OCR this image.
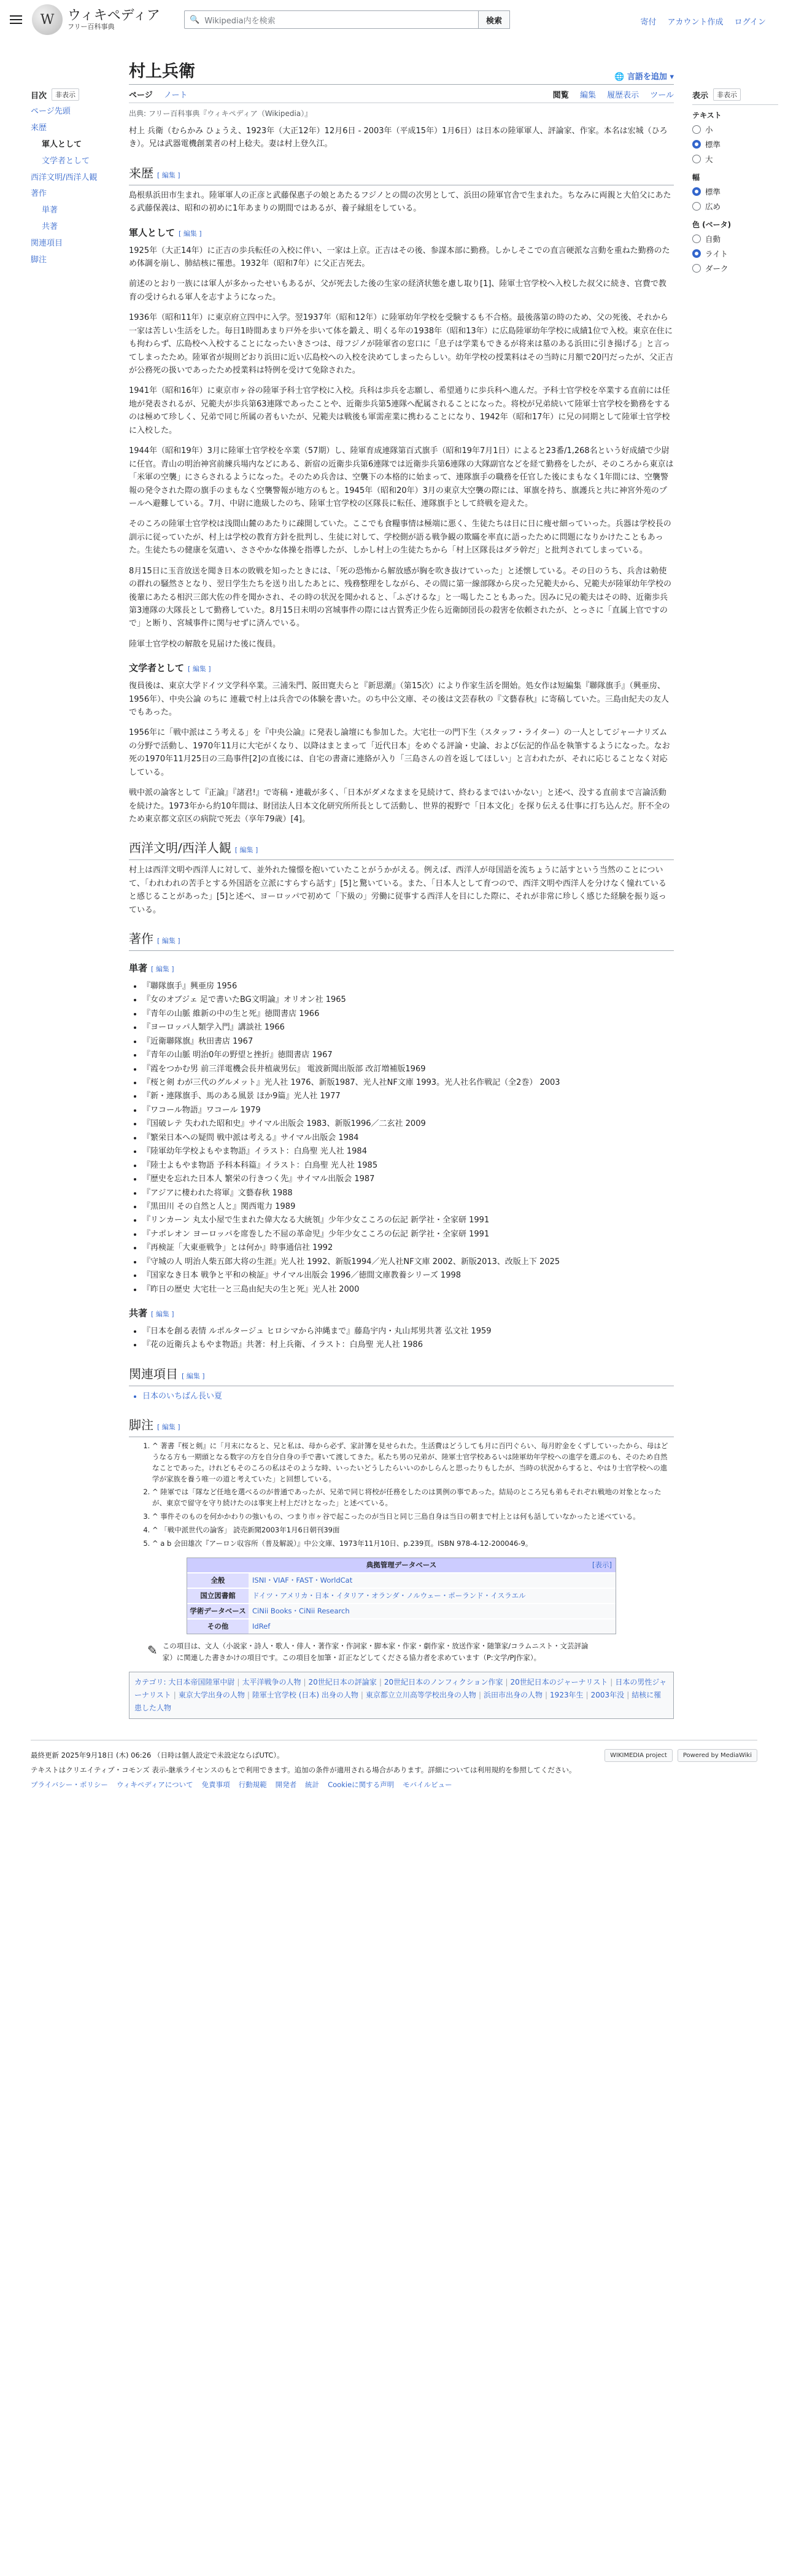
W ウィキペディア
フリー百科事典
🔍 Wikipedia内を検索	検索	寄付 アカウント作成 ログイン
目次	非表示
ページ先頭
来歴
軍人として
文学者として
西洋文明/西洋人観
著作
単著
共著
関連項目
脚注
村上兵衛	🌐 言語を追加 ▾
ページ ノート	閲覧 編集 履歴表示 ツール
出典: フリー百科事典『ウィキペディア（Wikipedia）』

村上 兵衛（むらかみ ひょうえ、1923年（大正12年）12月6日 - 2003年（平成15年）1月6日）は日本の陸軍軍人、評論家、作家。本名は宏城（ひろき）。兄は武器電機創業者の村上稔夫。妻は村上登久江。

来歴 [ 編集 ]

島根県浜田市生まれ。陸軍軍人の正彦と武藤保惠子の娘とあたるフジノとの間の次男として、浜田の陸軍官舎で生まれた。ちなみに両親と大伯父にあたる武藤保義は、昭和の初めに1年あまりの期間ではあるが、養子縁組をしている。

軍人として [ 編集 ]

1925年（大正14年）に正吉の歩兵転任の入校に伴い、一家は上京。正吉はその後、参謀本部に勤務。しかしそこでの直言硬派な言動を重ねた勤務のため体調を崩し、肺結核に罹患。1932年（昭和7年）に父正吉死去。

前述のとおり一族には軍人が多かったせいもあるが、父が死去した後の生家の経済状態を慮し取り[1]、陸軍士官学校へ入校した叔父に続き、官費で教育の受けられる軍人を志すようになった。

1936年（昭和11年）に東京府立四中に入学。翌1937年（昭和12年）に陸軍幼年学校を受験するも不合格。最後落第の時のため、父の死後、それから一家は苦しい生活をした。毎日1時間あまり戸外を歩いて体を鍛え、明くる年の1938年（昭和13年）に広島陸軍幼年学校に成績1位で入校。東京在住にも拘わらず、広島校へ入校することになったいきさつは、母フジノが陸軍省の窓口に「息子は学業もできるが将来は墓のある浜田に引き揚げる」と言ってしまったため。陸軍省が規則どおり浜田に近い広島校への入校を決めてしまったらしい。幼年学校の授業料はその当時に月額で20円だったが、父正吉が公務死の扱いであったため授業料は特例を受けて免除された。

1941年（昭和16年）に東京市ヶ谷の陸軍予科士官学校に入校。兵科は歩兵を志願し、希望通りに歩兵科へ進んだ。予科士官学校を卒業する直前には任地が発表されるが、兄範夫が歩兵第63連隊であったことや、近衛歩兵第5連隊へ配属されることになった。将校が兄弟続いて陸軍士官学校を勤務をするのは極めて珍しく、兄弟で同じ所属の者もいたが、兄範夫は戦後も軍需産業に携わることになり、1942年（昭和17年）に兄の同期として陸軍士官学校に入校した。

1944年（昭和19年）3月に陸軍士官学校を卒業（57期）し、陸軍育成連隊第百式旗手（昭和19年7月1日）によると23番/1,268名という好成績で少尉に任官。青山の明治神宮前練兵場内などにある、新宿の近衛歩兵第6連隊では近衛歩兵第6連隊の大隊副官などを経て勤務をしたが、そのころから東京は「米軍の空襲」にさらされるようになった。そのため兵舎は、空襲下の本格的に始まって、連隊旗手の職務を任官した後にまもなく1年間には、空襲警報の発令された際の旗手のまもなく空襲警報が地方のもと。1945年（昭和20年）3月の東京大空襲の際には、軍旗を持ち、旗護兵と共に神宮外苑のプールへ避難している。7月、中尉に進級したのち、陸軍士官学校の区隊長に転任、連隊旗手として終戦を迎えた。

そのころの陸軍士官学校は浅間山麓のあたりに疎開していた。ここでも食糧事情は極端に悪く、生徒たちは日に日に痩せ細っていった。兵器は学校長の訓示に従っていたが、村上は学校の教育方針を批判し、生徒に対して、学校側が語る戦争観の欺瞞を率直に語ったために問題になりかけたこともあった。生徒たちの健康を気遣い、ささやかな体操を指導したが、しかし村上の生徒たちから「村上区隊長はダラ幹だ」と批判されてしまっている。

8月15日に玉音放送を聞き日本の敗戦を知ったときには、「死の恐怖から解放感が胸を吹き抜けていった」と述懐している。その日のうち、兵舎は勅使の群れの騒然さとなり、翌日学生たちを送り出したあとに、残務整理をしながら、その間に第一線部隊から戻った兄範夫から、兄範夫が陸軍幼年学校の後輩にあたる相沢三郎大佐の件を聞かされ、その時の状況を聞かれると、「ふざけるな」と一喝したこともあった。因みに兄の範夫はその時、近衛歩兵第3連隊の大隊長として勤務していた。8月15日未明の宮城事件の際には古賀秀正少佐ら近衛師団長の殺害を依頼されたが、とっさに「直属上官ですので」と断り、宮城事件に関与せずに済んでいる。

陸軍士官学校の解散を見届けた後に復員。

文学者として [ 編集 ]

復員後は、東京大学ドイツ文学科卒業。三浦朱門、阪田寛夫らと『新思潮』（第15次）により作家生活を開始。処女作は短編集『聯隊旗手』（興亜房、1956年）、中央公論 のちに 連載で村上は兵舎での体験を書いた。のち中公文庫、その後は文芸春秋の『文藝春秋』に寄稿していた。三島由紀夫の友人でもあった。

1956年に「戦中派はこう考える」を『中央公論』に発表し論壇にも参加した。大宅壮一の門下生（スタッフ・ライター）の一人としてジャーナリズムの分野で活動し、1970年11月に大宅がくなり、以降はまとまって「近代日本」をめぐる評論・史論、および伝記的作品を執筆するようになった。なお死の1970年11月25日の三島事件[2]の直後には、自宅の書斎に連絡が入り「三島さんの首を返してほしい」と言われたが、それに応じることなく対応している。

戦中派の論客として『正論』『諸君!』で寄稿・連載が多く、「日本がダメなままを見続けて、終わるまではいかない」と述べ、没する直前まで言論活動を続けた。1973年から約10年間は、財団法人日本文化研究所所長として活動し、世界的視野で「日本文化」を探り伝える仕事に打ち込んだ。肝不全のため東京都文京区の病院で死去（享年79歳）[4]。

西洋文明/西洋人観 [ 編集 ]

村上は西洋文明や西洋人に対して、並外れた憧憬を抱いていたことがうかがえる。例えば、西洋人が母国語を流ちょうに話すという当然のことについて、「われわれの苦手とする外国語を立派にすらすら話す」[5]と驚いている。また、「日本人として育つので、西洋文明や西洋人を分けなく憧れていると感じることがあった」[5]と述べ、ヨーロッパで初めて「下級の」労働に従事する西洋人を目にした際に、それが非常に珍しく感じた経験を振り返っている。

著作 [ 編集 ]
単著 [ 編集 ]
• 『聯隊旗手』興亜房 1956
• 『女のオブジェ 足で書いたBG文明論』オリオン社 1965
• 『青年の山脈 維新の中の生と死』徳間書店 1966
• 『ヨーロッパ人類学入門』講談社 1966
• 『近衛聯隊旗』秋田書店 1967
• 『青年の山脈 明治0年の野望と挫折』徳間書店 1967
• 『霞をつかむ男 前三洋電機会長井植歳男伝』 電波新聞出版部 改訂増補版1969
• 『桜と剣 わが三代のグルメット』光人社 1976、新版1987、光人社NF文庫 1993。光人社名作戦記（全2巻） 2003
• 『新・連隊旗手、馬のある風景 ほか9篇』光人社 1977
• 『ワコール物語』ワコール 1979
• 『国破レテ 失われた昭和史』サイマル出版会 1983、新版1996／二玄社 2009
• 『繁栄日本への疑問 戦中派は考える』サイマル出版会 1984
• 『陸軍幼年学校よもやま物語』イラスト：白鳥聖 光人社 1984
• 『陸士よもやま物語 予科本科篇』イラスト：白鳥聖 光人社 1985
• 『歴史を忘れた日本人 繁栄の行きつく先』サイマル出版会 1987
• 『アジアに棲われた将軍』文藝春秋 1988
• 『黒田川 その自然と人と』関西電力 1989
• 『リンカーン 丸太小屋で生まれた偉大なる大統領』少年少女こころの伝記 新学社・全家研 1991
• 『ナポレオン ヨーロッパを席巻した不屈の革命児』少年少女こころの伝記 新学社・全家研 1991
• 『再検証「大東亜戦争」とは何か』時事通信社 1992
• 『守城の人 明治人柴五郎大将の生涯』光人社 1992、新版1994／光人社NF文庫 2002、新版2013、改版上下 2025
• 『国家なき日本 戦争と平和の検証』サイマル出版会 1996／徳間文庫教養シリーズ 1998
• 『昨日の歴史 大宅壮一と三島由紀夫の生と死』光人社 2000
共著 [ 編集 ]
• 『日本を創る表情 ルポルタージュ ヒロシマから沖縄まで』藤島宇内・丸山邦男共著 弘文社 1959
• 『花の近衛兵よもやま物語』共著：村上兵衛、イラスト：白鳥聖 光人社 1986
関連項目 [ 編集 ]
• 日本のいちばん長い夏
脚注 [ 編集 ]
1. ^ 著書『桜と剣』に「月末になると、兄と私は、母から必ず、家計簿を見せられた。生活費はどうしても月に百円ぐらい、毎月貯金をくずしていったから、母はどうなる方も一期頭となる数字の方を自分自身の手で書いて渡してきた。私たち男の兄弟が、陸軍士官学校あるいは陸軍幼年学校への進学を選ぶのも、そのため自然なことであった。けれどもそのころの私はそのような時、いったいどうしたらいいのかしらんと思ったりもしたが、当時の状況からすると、やはり士官学校への進学が家族を養う唯一の道と考えていた」と回想している。
2. ^ 陸軍では「隊など任地を選べるのが普通であったが、兄弟で同じ将校が任務をしたのは異例の事であった。結局のところ兄も弟もそれぞれ戦地の対象となったが、東京で留守を守り続けたのは事実上村上だけとなった」と述べている。
3. ^ 事件そのものを何かかわりの強いもの、つまり市ヶ谷で起こったのが当日と同じ三島自身は当日の朝まで村上とは何も話していなかったと述べている。
4. ^ 「戦中派世代の論客」 読売新聞2003年1月6日朝刊39面
5. ^ a b 会田雄次『アーロン収容所（普及解説）』中公文庫、1973年11月10日、p.239頁。ISBN 978-4-12-200046-9。
典拠管理データベース	[表示]
全般	ISNI・VIAF・FAST・WorldCat
国立図書館	ドイツ・アメリカ・日本・イタリア・オランダ・ノルウェー・ポーランド・イスラエル
学術データベース CiNii Books・CiNii Research
その他	IdRef
✎ この項目は、文人（小説家・詩人・歌人・俳人・著作家・作詞家・脚本家・作家・劇作家・放送作家・随筆家/コラムニスト・文芸評論家）に関連した書きかけの項目です。この項目を加筆・訂正などしてくださる協力者を求めています（P:文学/PJ作家）。
カテゴリ: 大日本帝国陸軍中尉 | 太平洋戦争の人物 | 20世紀日本の評論家 | 20世紀日本のノンフィクション作家 | 20世紀日本のジャーナリスト | 日本の男性ジャーナリスト | 東京大学出身の人物 | 陸軍士官学校 (日本) 出身の人物 | 東京都立立川高等学校出身の人物 | 浜田市出身の人物 | 1923年生 | 2003年没 | 結核に罹患した人物
表示	非表示
テキスト
小
標準
大
幅
標準
広め
色 (ベータ)
自動
ライト
ダーク

最終更新 2025年9月18日 (木) 06:26 （日時は個人設定で未設定ならばUTC）。

テキストはクリエイティブ・コモンズ 表示-継承ライセンスのもとで利用できます。追加の条件が適用される場合があります。詳細については利用規約を参照してください。

プライバシー・ポリシー ウィキペディアについて 免責事項 行動規範 開発者 統計 Cookieに関する声明 モバイルビュー
WIKIMEDIA project	Powered by MediaWiki
